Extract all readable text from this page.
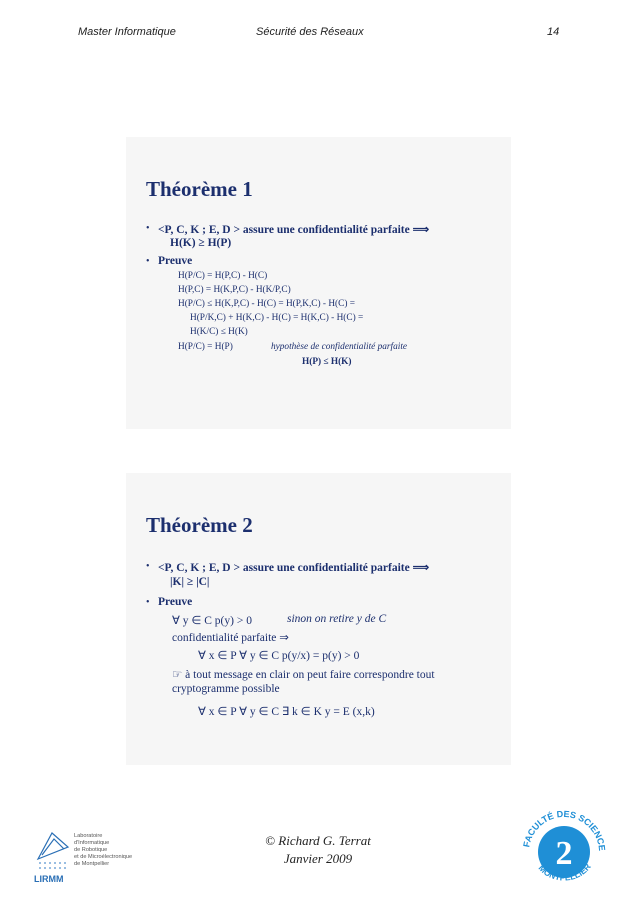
Master Informatique	Sécurité des Réseaux	14
Théorème 1
• <P, C, K ; E, D > assure une confidentialité parfaite ⟹
H(K) ≥ H(P)
• Preuve
H(P/C) = H(P,C) - H(C)
H(P,C) = H(K,P,C) - H(K/P,C)
H(P/C) ≤ H(K,P,C) - H(C) = H(P,K,C) - H(C) =
H(P/K,C) + H(K,C) - H(C) = H(K,C) - H(C) =
H(K/C) ≤ H(K)
H(P/C) = H(P)	hypothèse de confidentialité parfaite
H(P) ≤ H(K)
Théorème 2
• <P, C, K ; E, D > assure une confidentialité parfaite ⟹
|K| ≥ |C|
• Preuve
∀ y ∈ C p(y) > 0	sinon on retire y de C
confidentialité parfaite ⇒
∀ x ∈ P ∀ y ∈ C p(y/x) = p(y) > 0
☞ à tout message en clair on peut faire correspondre tout
cryptogramme possible
∀ x ∈ P ∀ y ∈ C ∃ k ∈ K y = E (x,k)
© Richard G. Terrat
Janvier 2009
Laboratoire
d'Informatique
de Robotique
et de Microélectronique
de Montpellier
LIRMM
FACULTÉ DES SCIENCE
MONTPELLIER
2
